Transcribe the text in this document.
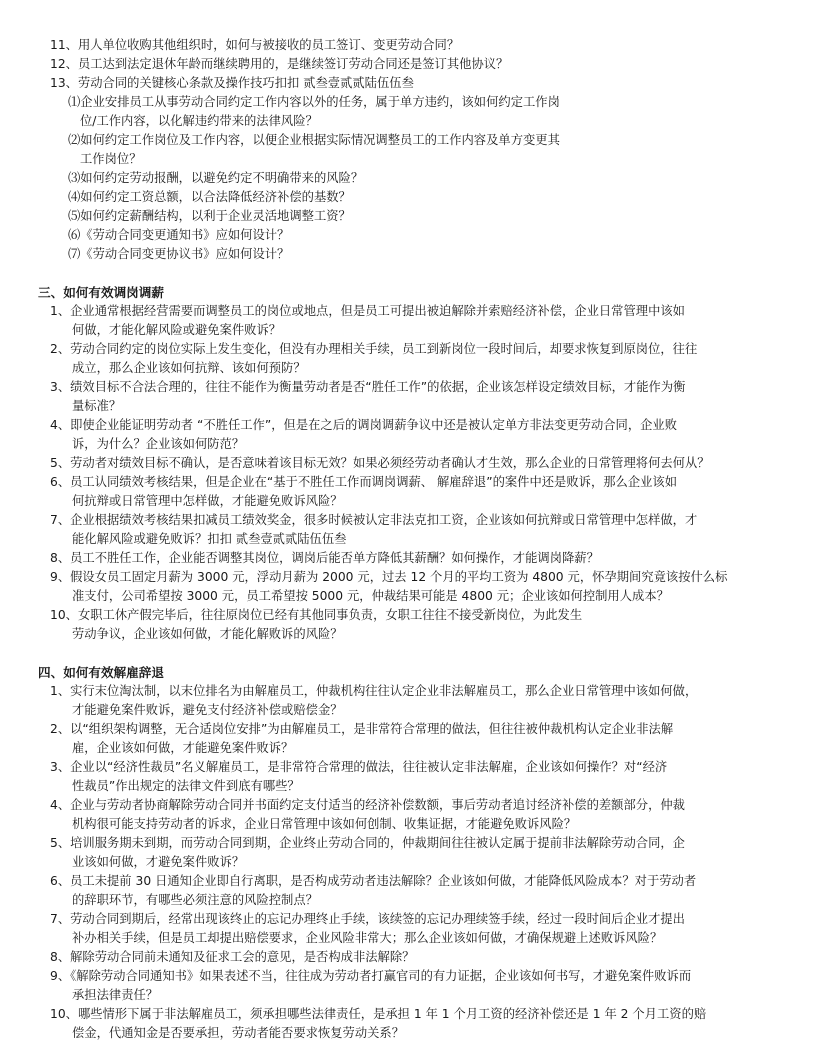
11、用人单位收购其他组织时，如何与被接收的员工签订、变更劳动合同？
12、员工达到法定退休年龄而继续聘用的，是继续签订劳动合同还是签订其他协议？
13、劳动合同的关键核心条款及操作技巧扣扣 贰叁壹贰贰陆伍伍叁
⑴企业安排员工从事劳动合同约定工作内容以外的任务，属于单方违约，该如何约定工作岗
位/工作内容，以化解违约带来的法律风险？
⑵如何约定工作岗位及工作内容，以便企业根据实际情况调整员工的工作内容及单方变更其
工作岗位？
⑶如何约定劳动报酬，以避免约定不明确带来的风险？
⑷如何约定工资总额，以合法降低经济补偿的基数？
⑸如何约定薪酬结构，以利于企业灵活地调整工资？
⑹《劳动合同变更通知书》应如何设计？
⑺《劳动合同变更协议书》应如何设计？
三、如何有效调岗调薪
1、企业通常根据经营需要而调整员工的岗位或地点，但是员工可提出被迫解除并索赔经济补偿，企业日常管理中该如
何做，才能化解风险或避免案件败诉？
2、劳动合同约定的岗位实际上发生变化，但没有办理相关手续，员工到新岗位一段时间后，却要求恢复到原岗位，往往
成立，那么企业该如何抗辩、该如何预防？
3、绩效目标不合法合理的，往往不能作为衡量劳动者是否“胜任工作”的依据，企业该怎样设定绩效目标，才能作为衡
量标准？
4、即使企业能证明劳动者 “不胜任工作”，但是在之后的调岗调薪争议中还是被认定单方非法变更劳动合同，企业败
诉，为什么？企业该如何防范？
5、劳动者对绩效目标不确认，是否意味着该目标无效？如果必须经劳动者确认才生效，那么企业的日常管理将何去何从？
6、员工认同绩效考核结果，但是企业在“基于不胜任工作而调岗调薪、 解雇辞退”的案件中还是败诉，那么企业该如
何抗辩或日常管理中怎样做，才能避免败诉风险？
7、企业根据绩效考核结果扣减员工绩效奖金，很多时候被认定非法克扣工资，企业该如何抗辩或日常管理中怎样做，才
能化解风险或避免败诉？扣扣 贰叁壹贰贰陆伍伍叁
8、员工不胜任工作，企业能否调整其岗位，调岗后能否单方降低其薪酬？如何操作，才能调岗降薪？
9、假设女员工固定月薪为 3000 元，浮动月薪为 2000 元，过去 12 个月的平均工资为 4800 元，怀孕期间究竟该按什么标
准支付，公司希望按 3000 元，员工希望按 5000 元，仲裁结果可能是 4800 元；企业该如何控制用人成本？
10、女职工休产假完毕后，往往原岗位已经有其他同事负责，女职工往往不接受新岗位，为此发生
劳动争议，企业该如何做，才能化解败诉的风险？
四、如何有效解雇辞退
1、实行末位淘汰制，以末位排名为由解雇员工，仲裁机构往往认定企业非法解雇员工，那么企业日常管理中该如何做，
才能避免案件败诉，避免支付经济补偿或赔偿金？
2、以“组织架构调整，无合适岗位安排”为由解雇员工，是非常符合常理的做法，但往往被仲裁机构认定企业非法解
雇，企业该如何做，才能避免案件败诉？
3、企业以“经济性裁员”名义解雇员工，是非常符合常理的做法，往往被认定非法解雇，企业该如何操作？对“经济
性裁员”作出规定的法律文件到底有哪些？
4、企业与劳动者协商解除劳动合同并书面约定支付适当的经济补偿数额，事后劳动者追讨经济补偿的差额部分，仲裁
机构很可能支持劳动者的诉求，企业日常管理中该如何创制、收集证据，才能避免败诉风险？
5、培训服务期未到期，而劳动合同到期，企业终止劳动合同的，仲裁期间往往被认定属于提前非法解除劳动合同，企
业该如何做，才避免案件败诉？
6、员工未提前 30 日通知企业即自行离职，是否构成劳动者违法解除？企业该如何做，才能降低风险成本？对于劳动者
的辞职环节，有哪些必须注意的风险控制点？
7、劳动合同到期后，经常出现该终止的忘记办理终止手续，该续签的忘记办理续签手续，经过一段时间后企业才提出
补办相关手续，但是员工却提出赔偿要求，企业风险非常大；那么企业该如何做，才确保规避上述败诉风险？
8、解除劳动合同前未通知及征求工会的意见，是否构成非法解除？
9、《解除劳动合同通知书》如果表述不当，往往成为劳动者打赢官司的有力证据，企业该如何书写，才避免案件败诉而
承担法律责任？
10、哪些情形下属于非法解雇员工，须承担哪些法律责任，是承担 1 年 1 个月工资的经济补偿还是 1 年 2 个月工资的赔
偿金，代通知金是否要承担，劳动者能否要求恢复劳动关系？
